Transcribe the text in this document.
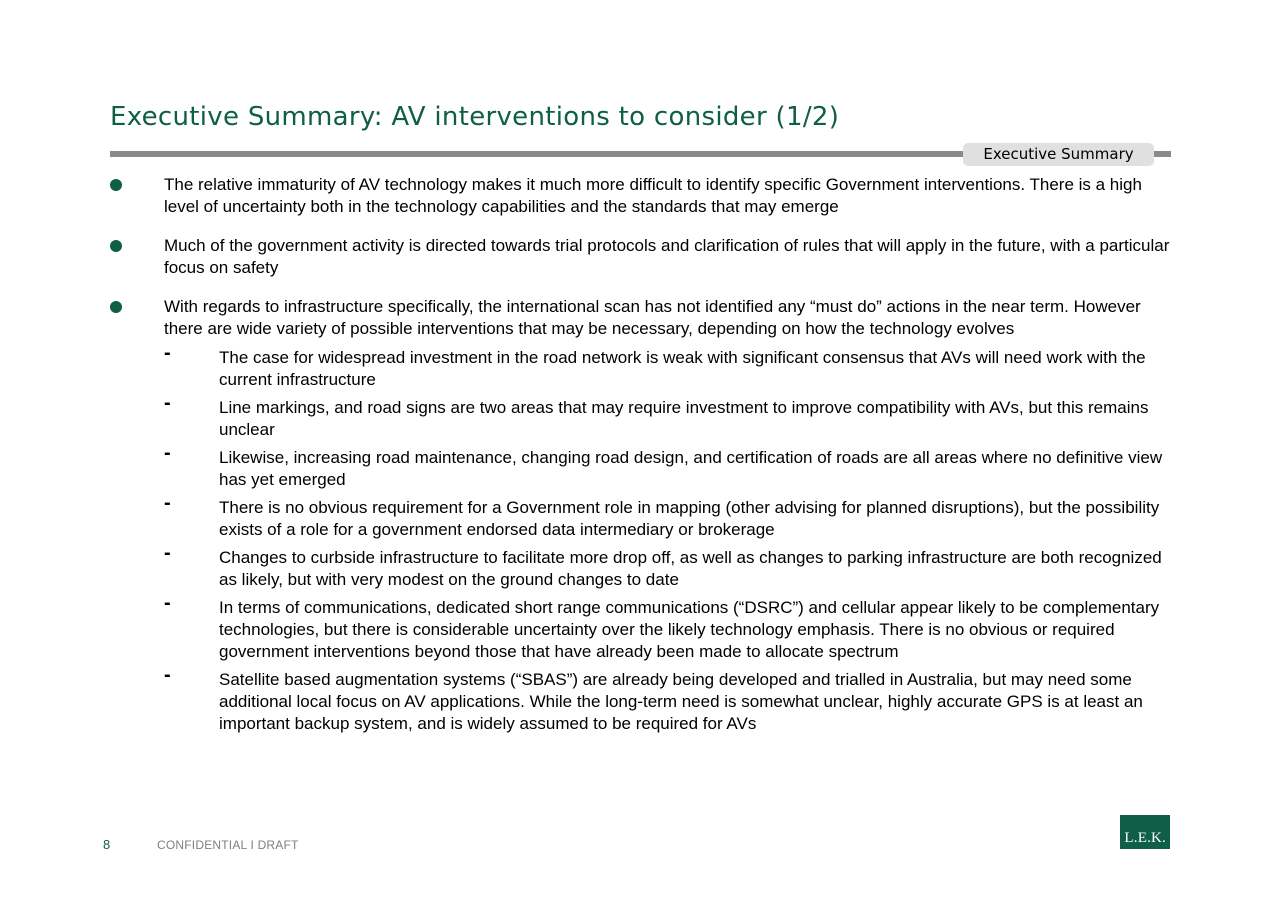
Executive Summary: AV interventions to consider (1/2)
Executive Summary
The relative immaturity of AV technology makes it much more difficult to identify specific Government interventions. There is a high level of uncertainty both in the technology capabilities and the standards that may emerge
Much of the government activity is directed towards trial protocols and clarification of rules that will apply in the future, with a particular focus on safety
With regards to infrastructure specifically, the international scan has not identified any “must do” actions in the near term. However there are wide variety of possible interventions that may be necessary, depending on how the technology evolves
-	The case for widespread investment in the road network is weak with significant consensus that AVs will need work with the current infrastructure
-	Line markings, and road signs are two areas that may require investment to improve compatibility with AVs, but this remains unclear
-	Likewise, increasing road maintenance, changing road design, and certification of roads are all areas where no definitive view has yet emerged
-	There is no obvious requirement for a Government role in mapping (other advising for planned disruptions), but the possibility exists of a role for a government endorsed data intermediary or brokerage
-	Changes to curbside infrastructure to facilitate more drop off, as well as changes to parking infrastructure are both recognized as likely, but with very modest on the ground changes to date
-	In terms of communications, dedicated short range communications (“DSRC”) and cellular appear likely to be complementary technologies, but there is considerable uncertainty over the likely technology emphasis. There is no obvious or required government interventions beyond those that have already been made to allocate spectrum
-	Satellite based augmentation systems (“SBAS”) are already being developed and trialled in Australia, but may need some additional local focus on AV applications. While the long-term need is somewhat unclear, highly accurate GPS is at least an important backup system, and is widely assumed to be required for AVs
8	CONFIDENTIAL I DRAFT	L.E.K.
